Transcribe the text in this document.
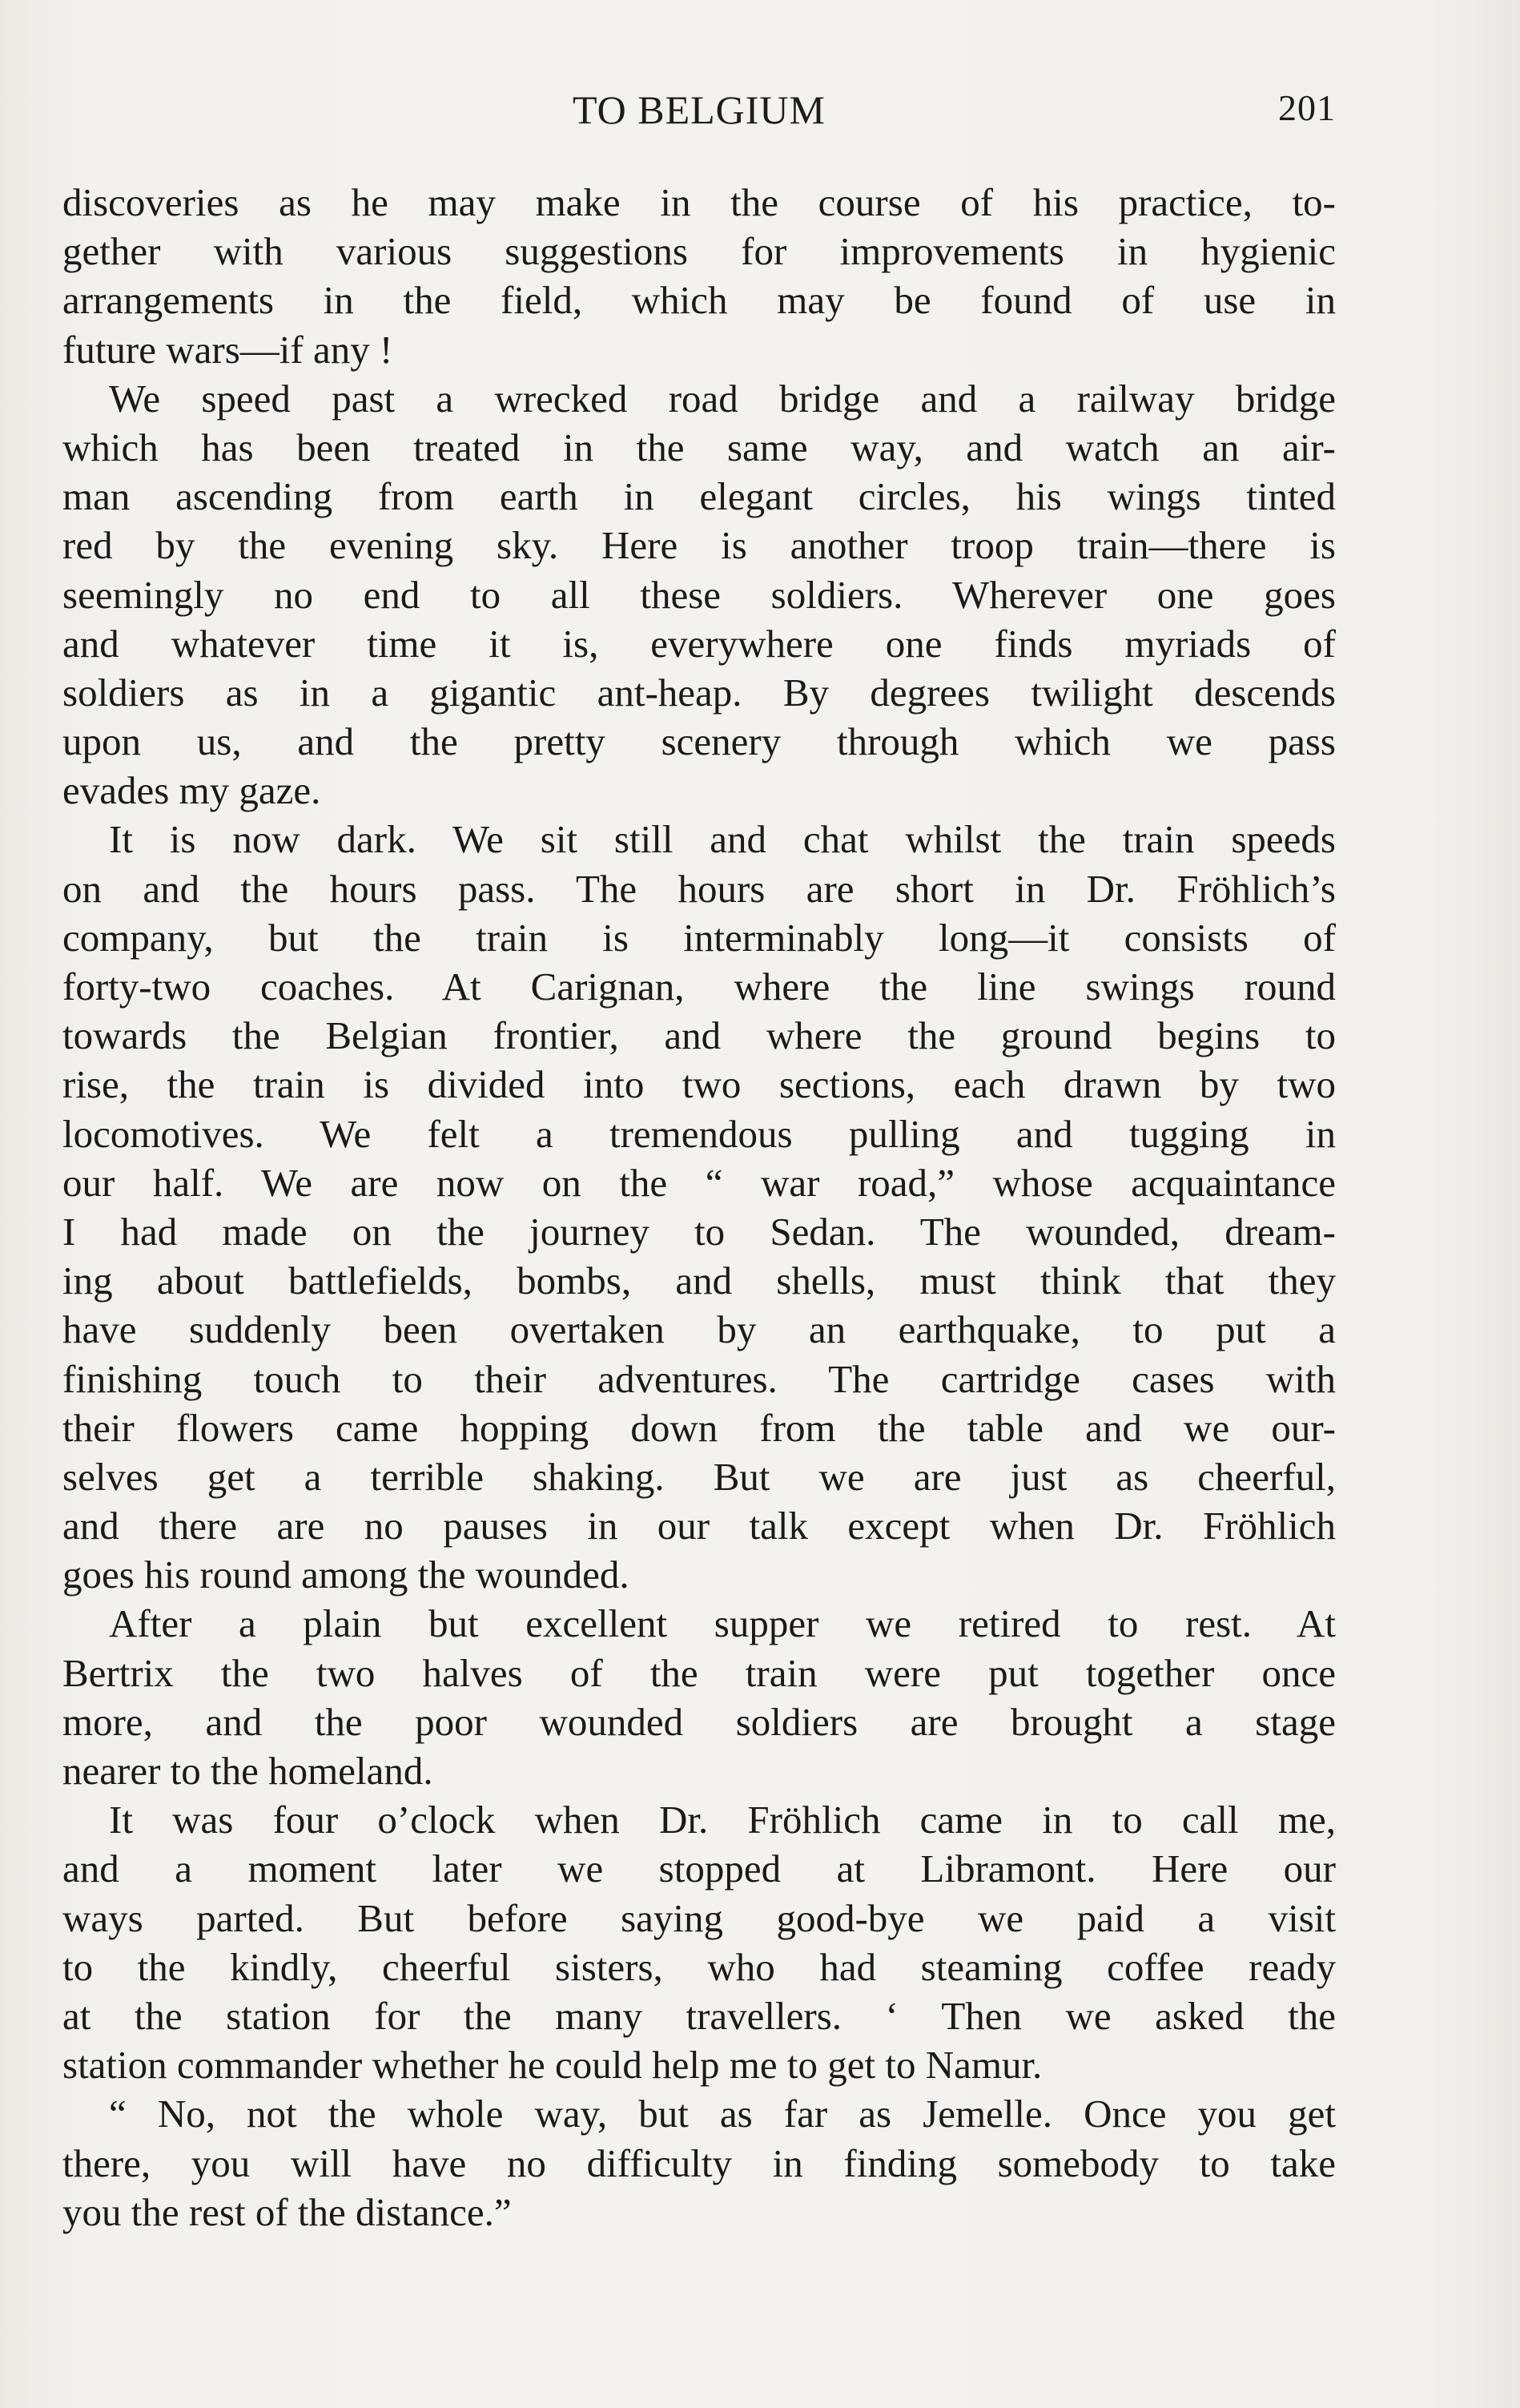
TO BELGIUM	201
discoveries as he may make in the course of his practice, to-
gether with various suggestions for improvements in hygienic
arrangements in the field, which may be found of use in
future wars—if any !
We speed past a wrecked road bridge and a railway bridge
which has been treated in the same way, and watch an air-
man ascending from earth in elegant circles, his wings tinted
red by the evening sky. Here is another troop train—there is
seemingly no end to all these soldiers. Wherever one goes
and whatever time it is, everywhere one finds myriads of
soldiers as in a gigantic ant-heap. By degrees twilight descends
upon us, and the pretty scenery through which we pass
evades my gaze.
It is now dark. We sit still and chat whilst the train speeds
on and the hours pass. The hours are short in Dr. Fröhlich’s
company, but the train is interminably long—it consists of
forty-two coaches. At Carignan, where the line swings round
towards the Belgian frontier, and where the ground begins to
rise, the train is divided into two sections, each drawn by two
locomotives. We felt a tremendous pulling and tugging in
our half. We are now on the “ war road,” whose acquaintance
I had made on the journey to Sedan. The wounded, dream-
ing about battlefields, bombs, and shells, must think that they
have suddenly been overtaken by an earthquake, to put a
finishing touch to their adventures. The cartridge cases with
their flowers came hopping down from the table and we our-
selves get a terrible shaking. But we are just as cheerful,
and there are no pauses in our talk except when Dr. Fröhlich
goes his round among the wounded.
After a plain but excellent supper we retired to rest. At
Bertrix the two halves of the train were put together once
more, and the poor wounded soldiers are brought a stage
nearer to the homeland.
It was four o’clock when Dr. Fröhlich came in to call me,
and a moment later we stopped at Libramont. Here our
ways parted. But before saying good-bye we paid a visit
to the kindly, cheerful sisters, who had steaming coffee ready
at the station for the many travellers. ‘ Then we asked the
station commander whether he could help me to get to Namur.
“ No, not the whole way, but as far as Jemelle. Once you get
there, you will have no difficulty in finding somebody to take
you the rest of the distance.”
